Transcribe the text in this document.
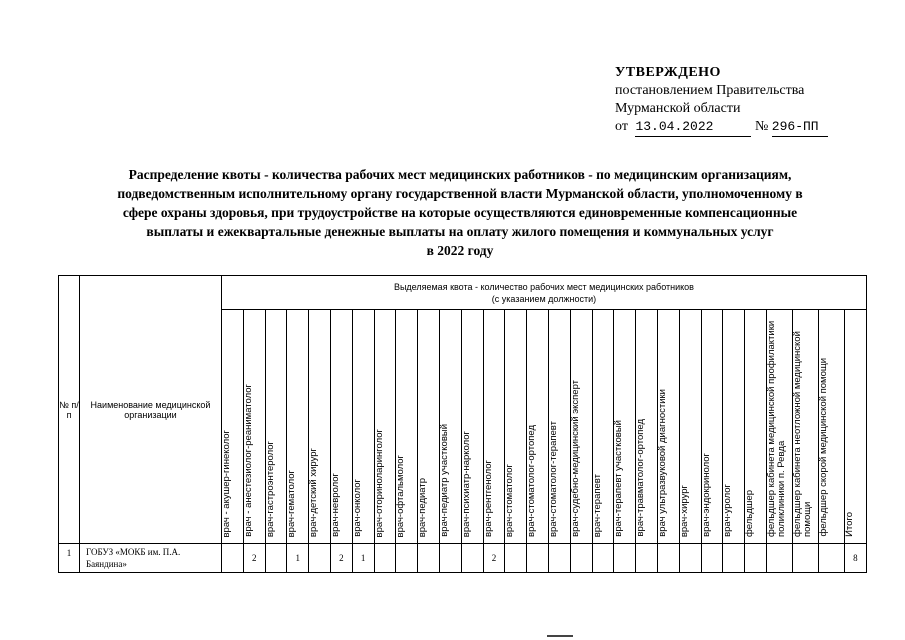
УТВЕРЖДЕНО
постановлением Правительства
Мурманской области
от 13.04.2022	№ 296-ПП
Распределение квоты - количества рабочих мест медицинских работников - по медицинским организациям,
подведомственным исполнительному органу государственной власти Мурманской области, уполномоченному в
сфере охраны здоровья, при трудоустройстве на которые осуществляются единовременные компенсационные
выплаты и ежеквартальные денежные выплаты на оплату жилого помещения и коммунальных услуг
в 2022 году
№ п/п	Наименование медицинской организации	Выделяемая квота - количество рабочих мест медицинских работников
(с указанием должности)																												

		врач - акушер-гинеколог	врач - анестезиолог-реаниматолог	врач-гастроэнтеролог	врач-гематолог	врач-детский хирург	врач-невролог	врач-онколог	врач-оториноларинголог	врач-офтальмолог	врач-педиатр	врач-педиатр участковый	врач-психиатр-нарколог	врач-рентгенолог	врач-стоматолог	врач-стоматолог-ортопед	врач-стоматолог-терапевт	врач-судебно-медицинский эксперт	врач-терапевт	врач-терапевт участковый	врач-травматолог-ортопед	врач ультразвуковой диагностики	врач-хирург	врач-эндокринолог	врач-уролог	фельдшер	фельдшер кабинета медицинской профилактики поликлиники п. Ревда	фельдшер кабинета неотложной медицинской помощи	фельдшер скорой медицинской помощи	Итого
1	ГОБУЗ «МОКБ им. П.А. Баяндина»		2		1		2	1						2																8
